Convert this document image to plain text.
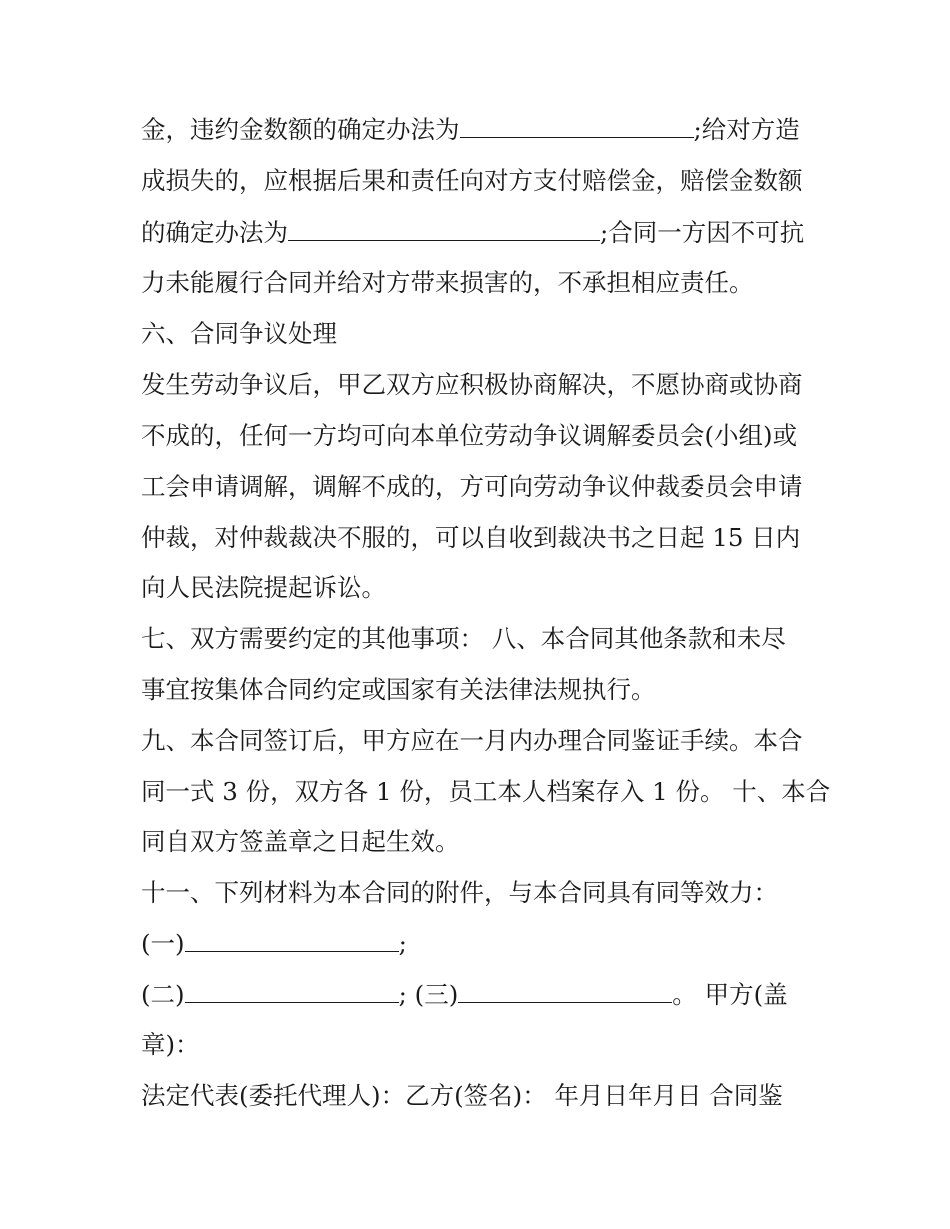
金，违约金数额的确定办法为	;给对方造
成损失的，应根据后果和责任向对方支付赔偿金，赔偿金数额
的确定办法为	;合同一方因不可抗
力未能履行合同并给对方带来损害的，不承担相应责任。
六、合同争议处理
发生劳动争议后，甲乙双方应积极协商解决，不愿协商或协商
不成的，任何一方均可向本单位劳动争议调解委员会(小组)或
工会申请调解，调解不成的，方可向劳动争议仲裁委员会申请
仲裁，对仲裁裁决不服的，可以自收到裁决书之日起 15 日内
向人民法院提起诉讼。
七、双方需要约定的其他事项： 八、本合同其他条款和未尽
事宜按集体合同约定或国家有关法律法规执行。
九、本合同签订后，甲方应在一月内办理合同鉴证手续。本合
同一式 3 份，双方各 1 份，员工本人档案存入 1 份。 十、本合
同自双方签盖章之日起生效。
十一、下列材料为本合同的附件，与本合同具有同等效力：
(一)	;
(二)	; (三)	。 甲方(盖
章)：
法定代表(委托代理人)：乙方(签名)： 年月日年月日 合同鉴
